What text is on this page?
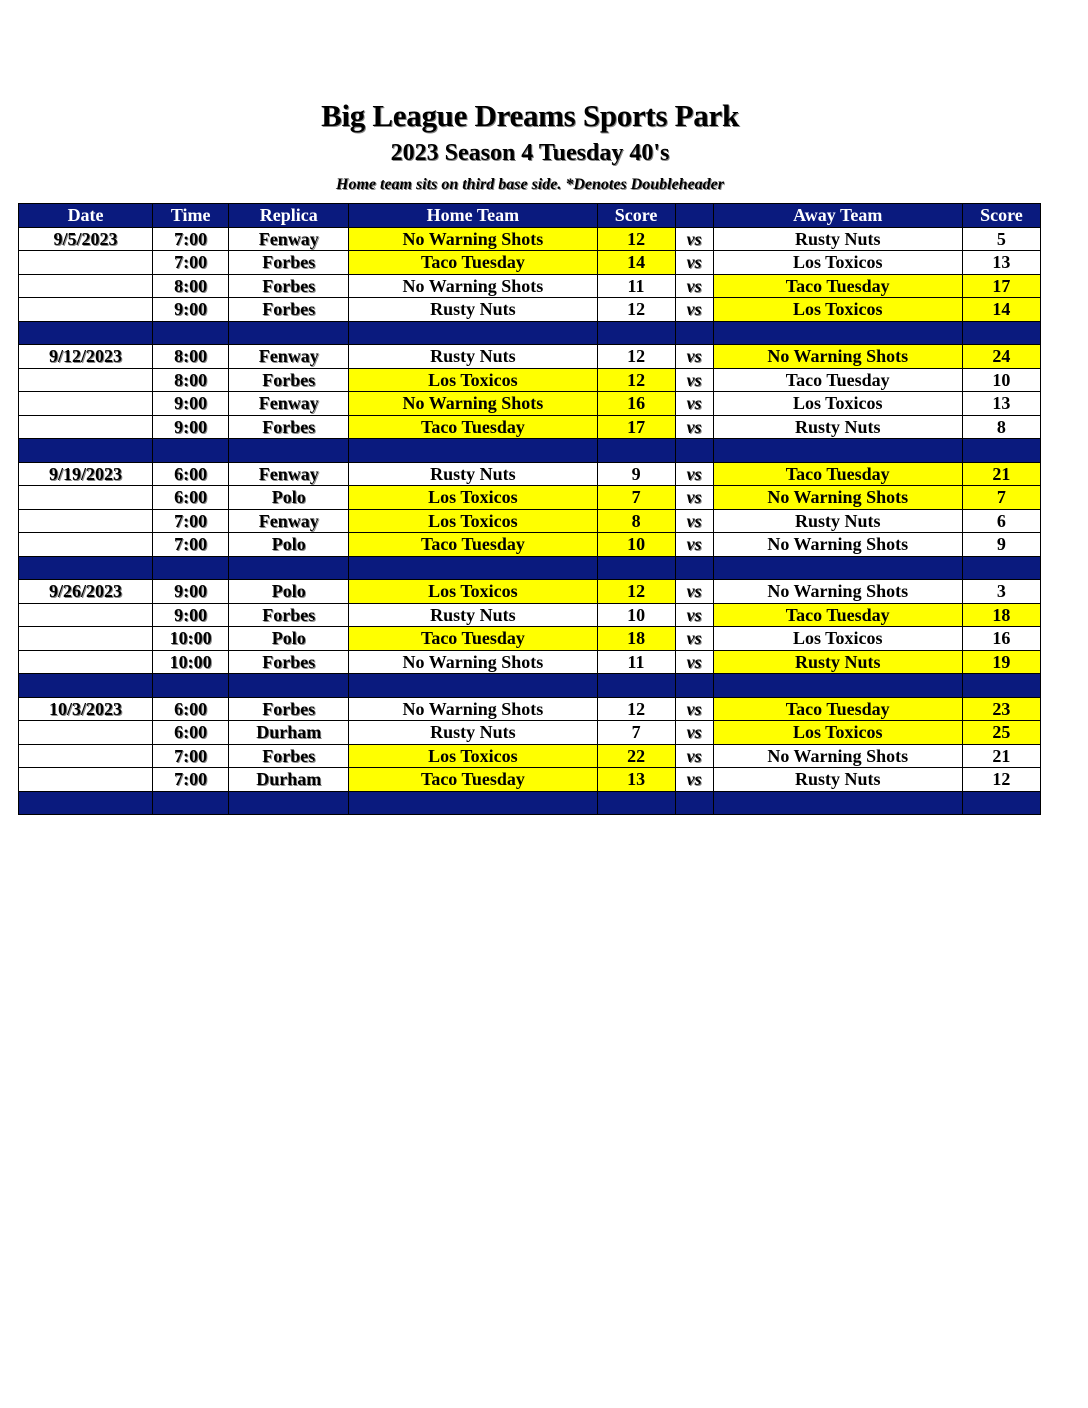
Big League Dreams Sports Park
2023 Season 4 Tuesday 40's
Home team sits on third base side. *Denotes Doubleheader
Date	Time	Replica	Home Team	Score		Away Team	Score
9/5/2023	7:00	Fenway	No Warning Shots	12	vs	Rusty Nuts	5
	7:00	Forbes	Taco Tuesday	14	vs	Los Toxicos	13
	8:00	Forbes	No Warning Shots	11	vs	Taco Tuesday	17
	9:00	Forbes	Rusty Nuts	12	vs	Los Toxicos	14

9/12/2023	8:00	Fenway	Rusty Nuts	12	vs	No Warning Shots	24
	8:00	Forbes	Los Toxicos	12	vs	Taco Tuesday	10
	9:00	Fenway	No Warning Shots	16	vs	Los Toxicos	13
	9:00	Forbes	Taco Tuesday	17	vs	Rusty Nuts	8

9/19/2023	6:00	Fenway	Rusty Nuts	9	vs	Taco Tuesday	21
	6:00	Polo	Los Toxicos	7	vs	No Warning Shots	7
	7:00	Fenway	Los Toxicos	8	vs	Rusty Nuts	6
	7:00	Polo	Taco Tuesday	10	vs	No Warning Shots	9

9/26/2023	9:00	Polo	Los Toxicos	12	vs	No Warning Shots	3
	9:00	Forbes	Rusty Nuts	10	vs	Taco Tuesday	18
	10:00	Polo	Taco Tuesday	18	vs	Los Toxicos	16
	10:00	Forbes	No Warning Shots	11	vs	Rusty Nuts	19

10/3/2023	6:00	Forbes	No Warning Shots	12	vs	Taco Tuesday	23
	6:00	Durham	Rusty Nuts	7	vs	Los Toxicos	25
	7:00	Forbes	Los Toxicos	22	vs	No Warning Shots	21
	7:00	Durham	Taco Tuesday	13	vs	Rusty Nuts	12
